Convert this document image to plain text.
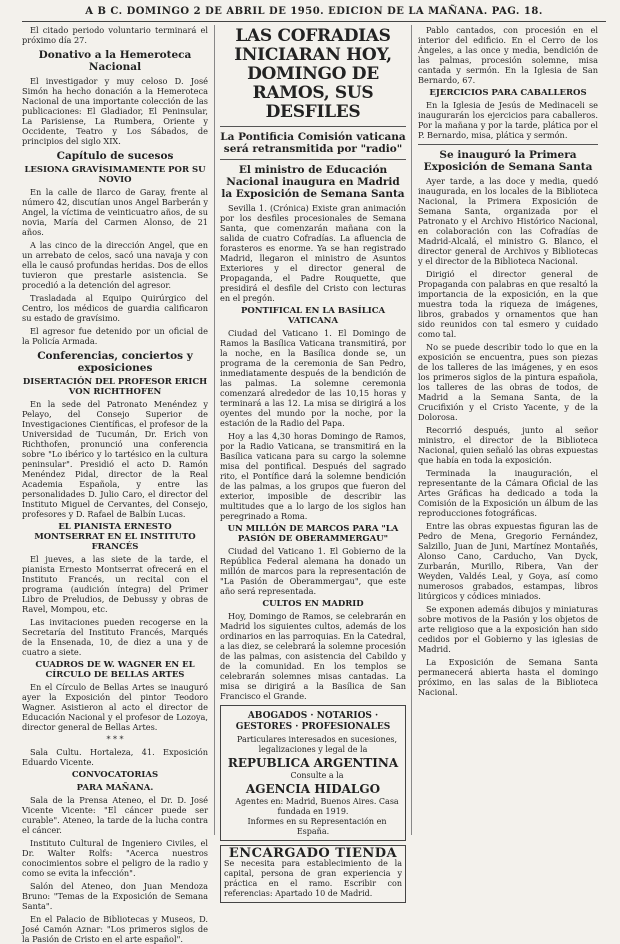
A B C. DOMINGO 2 DE ABRIL DE 1950. EDICION DE LA MAÑANA. PAG. 18.

El citado periodo voluntario terminará el próximo día 27.

Donativo a la Hemeroteca Nacional

El investigador y muy celoso D. José Simón ha hecho donación a la Hemeroteca Nacional de una importante colección de las publicaciones: El Gladiador, El Peninsular, La Parisiense, La Rumbera, Oriente y Occidente, Teatro y Los Sábados, de principios del siglo XIX.

Capítulo de sucesos
LESIONA GRAVÍSIMAMENTE POR SU NOVIO

En la calle de Ilarco de Garay, frente al número 42, discutían unos Angel Barberán y Angel, la víctima de veinticuatro años, de su novia, María del Carmen Alonso, de 21 años.

A las cinco de la dirección Angel, que en un arrebato de celos, sacó una navaja y con ella le causó profundas heridas. Dos de ellos tuvieron que prestarle asistencia. Se procedió a la detención del agresor.

Trasladada al Equipo Quirúrgico del Centro, los médicos de guardia calificaron su estado de gravísimo.

El agresor fue detenido por un oficial de la Policía Armada.

Conferencias, conciertos y exposiciones
DISERTACIÓN DEL PROFESOR ERICH VON RICHTHOFEN

En la sede del Patronato Menéndez y Pelayo, del Consejo Superior de Investigaciones Científicas, el profesor de la Universidad de Tucumán, Dr. Erich von Richthofen, pronunció una conferencia sobre "Lo ibérico y lo tartésico en la cultura peninsular". Presidió el acto D. Ramón Menéndez Pidal, director de la Real Academia Española, y entre las personalidades D. Julio Caro, el director del Instituto Miguel de Cervantes, del Consejo, profesores y D. Rafael de Balbín Lucas.

EL PIANISTA ERNESTO MONTSERRAT EN EL INSTITUTO FRANCÉS

El jueves, a las siete de la tarde, el pianista Ernesto Montserrat ofrecerá en el Instituto Francés, un recital con el programa (audición íntegra) del Primer Libro de Preludios, de Debussy y obras de Ravel, Mompou, etc.

Las invitaciones pueden recogerse en la Secretaría del Instituto Francés, Marqués de la Ensenada, 10, de diez a una y de cuatro a siete.

CUADROS DE W. WAGNER EN EL CÍRCULO DE BELLAS ARTES

En el Círculo de Bellas Artes se inauguró ayer la Exposición del pintor Teodoro Wagner. Asistieron al acto el director de Educación Nacional y el profesor de Lozoya, director general de Bellas Artes.

* * *

Sala Cultu. Hortaleza, 41. Exposición Eduardo Vicente.

CONVOCATORIAS
PARA MAÑANA.

Sala de la Prensa Ateneo, el Dr. D. José Vicente Vicente: "El cáncer puede ser curable". Ateneo, la tarde de la lucha contra el cáncer.

Instituto Cultural de Ingeniero Civiles, el Dr. Walter Rolfs: "Acerca nuestros conocimientos sobre el peligro de la radio y como se evita la infección".

Salón del Ateneo, don Juan Mendoza Bruno: "Temas de la Exposición de Semana Santa".

En el Palacio de Bibliotecas y Museos, D. José Camón Aznar: "Los primeros siglos de la Pasión de Cristo en el arte español".

LAS COFRADIAS INICIARAN HOY, DOMINGO DE RAMOS, SUS DESFILES
La Pontificia Comisión vaticana será retransmitida por "radio"
El ministro de Educación Nacional inaugura en Madrid la Exposición de Semana Santa

Sevilla 1. (Crónica) Existe gran animación por los desfiles procesionales de Semana Santa, que comenzarán mañana con la salida de cuatro Cofradías. La afluencia de forasteros es enorme. Ya se han registrado Madrid, llegaron el ministro de Asuntos Exteriores y el director general de Propaganda, el Padre Rouquette, que presidirá el desfile del Cristo con lecturas en el pregón.

PONTIFICAL EN LA BASÍLICA VATICANA

Ciudad del Vaticano 1. El Domingo de Ramos la Basílica Vaticana transmitirá, por la noche, en la Basílica donde se, un programa de la ceremonia de San Pedro, inmediatamente después de la bendición de las palmas. La solemne ceremonia comenzará alrededor de las 10,15 horas y terminará a las 12. La misa se dirigirá a los oyentes del mundo por la noche, por la estación de la Radio del Papa.

Hoy a las 4,30 horas Domingo de Ramos, por la Radio Vaticana, se transmitirá en la Basílica vaticana para su cargo la solemne misa del pontifical. Después del sagrado rito, el Pontífice dará la solemne bendición de las palmas, a los grupos que fueron del exterior, imposible de describir las multitudes que a lo largo de los siglos han peregrinado a Roma.

UN MILLÓN DE MARCOS PARA "LA PASIÓN DE OBERAMMERGAU"

Ciudad del Vaticano 1. El Gobierno de la República Federal alemana ha donado un millón de marcos para la representación de "La Pasión de Oberammergau", que este año será representada.

CULTOS EN MADRID

Hoy, Domingo de Ramos, se celebrarán en Madrid los siguientes cultos, además de los ordinarios en las parroquias. En la Catedral, a las diez, se celebrará la solemne procesión de las palmas, con asistencia del Cabildo y de la comunidad. En los templos se celebrarán solemnes misas cantadas. La misa se dirigirá a la Basílica de San Francisco el Grande.

ABOGADOS · NOTARIOS · GESTORES · PROFESIONALES

Particulares interesados en sucesiones, legalizaciones y legal de la

REPUBLICA ARGENTINA

Consulte a la

AGENCIA HIDALGO

Agentes en: Madrid, Buenos Aires. Casa fundada en 1919.

Informes en su Representación en España.

ENCARGADO TIENDA
Se necesita para establecimiento de la capital, persona de gran experiencia y práctica en el ramo. Escribir con referencias: Apartado 10 de Madrid.

Pablo cantados, con procesión en el interior del edificio. En el Cerro de los Ángeles, a las once y media, bendición de las palmas, procesión solemne, misa cantada y sermón. En la Iglesia de San Bernardo, 67.

EJERCICIOS PARA CABALLEROS

En la Iglesia de Jesús de Medinaceli se inaugurarán los ejercicios para caballeros. Por la mañana y por la tarde, plática por el P. Bernardo, misa, plática y sermón.

Se inauguró la Primera Exposición de Semana Santa

Ayer tarde, a las doce y media, quedó inaugurada, en los locales de la Biblioteca Nacional, la Primera Exposición de Semana Santa, organizada por el Patronato y el Archivo Histórico Nacional, en colaboración con las Cofradías de Madrid-Alcalá, el ministro G. Blanco, el director general de Archivos y Bibliotecas y el director de la Biblioteca Nacional.

Dirigió el director general de Propaganda con palabras en que resaltó la importancia de la exposición, en la que muestra toda la riqueza de imágenes, libros, grabados y ornamentos que han sido reunidos con tal esmero y cuidado como tal.

No se puede describir todo lo que en la exposición se encuentra, pues son piezas de los talleres de las imágenes, y en esos los primeros siglos de la pintura española, los talleres de las obras de todos, de Madrid a la Semana Santa, de la Crucifixión y el Cristo Yacente, y de la Dolorosa.

Recorrió después, junto al señor ministro, el director de la Biblioteca Nacional, quien señaló las obras expuestas que había en toda la exposición.

Terminada la inauguración, el representante de la Cámara Oficial de las Artes Gráficas ha dedicado a toda la Comisión de la Exposición un álbum de las reproducciones fotográficas.

Entre las obras expuestas figuran las de Pedro de Mena, Gregorio Fernández, Salzillo, Juan de Juni, Martínez Montañés, Alonso Cano, Carducho, Van Dyck, Zurbarán, Murillo, Ribera, Van der Weyden, Valdés Leal, y Goya, así como numerosos grabados, estampas, libros litúrgicos y códices miniados.

Se exponen además dibujos y miniaturas sobre motivos de la Pasión y los objetos de arte religioso que a la exposición han sido cedidos por el Gobierno y las iglesias de Madrid.

La Exposición de Semana Santa permanecerá abierta hasta el domingo próximo, en las salas de la Biblioteca Nacional.
